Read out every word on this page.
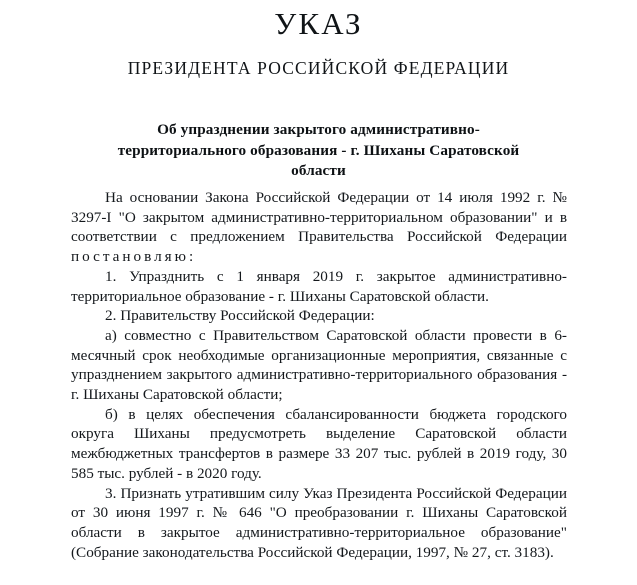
УКАЗ
ПРЕЗИДЕНТА РОССИЙСКОЙ ФЕДЕРАЦИИ
Об упразднении закрытого административно-
территориального образования - г. Шиханы Саратовской
области

На основании Закона Российской Федерации от 14 июля 1992 г. № 3297-I "О закрытом административно-территориальном образовании" и в соответствии с предложением Правительства Российской Федерации постановляю:

1. Упразднить с 1 января 2019 г. закрытое административно-территориальное образование - г. Шиханы Саратовской области.

2. Правительству Российской Федерации:

а) совместно с Правительством Саратовской области провести в 6-месячный срок необходимые организационные мероприятия, связанные с упразднением закрытого административно-территориального образования - г. Шиханы Саратовской области;

б) в целях обеспечения сбалансированности бюджета городского округа Шиханы предусмотреть выделение Саратовской области межбюджетных трансфертов в размере 33 207 тыс. рублей в 2019 году, 30 585 тыс. рублей - в 2020 году.

3. Признать утратившим силу Указ Президента Российской Федерации от 30 июня 1997 г. № 646 "О преобразовании г. Шиханы Саратовской области в закрытое административно-территориальное образование" (Собрание законодательства Российской Федерации, 1997, № 27, ст. 3183).
